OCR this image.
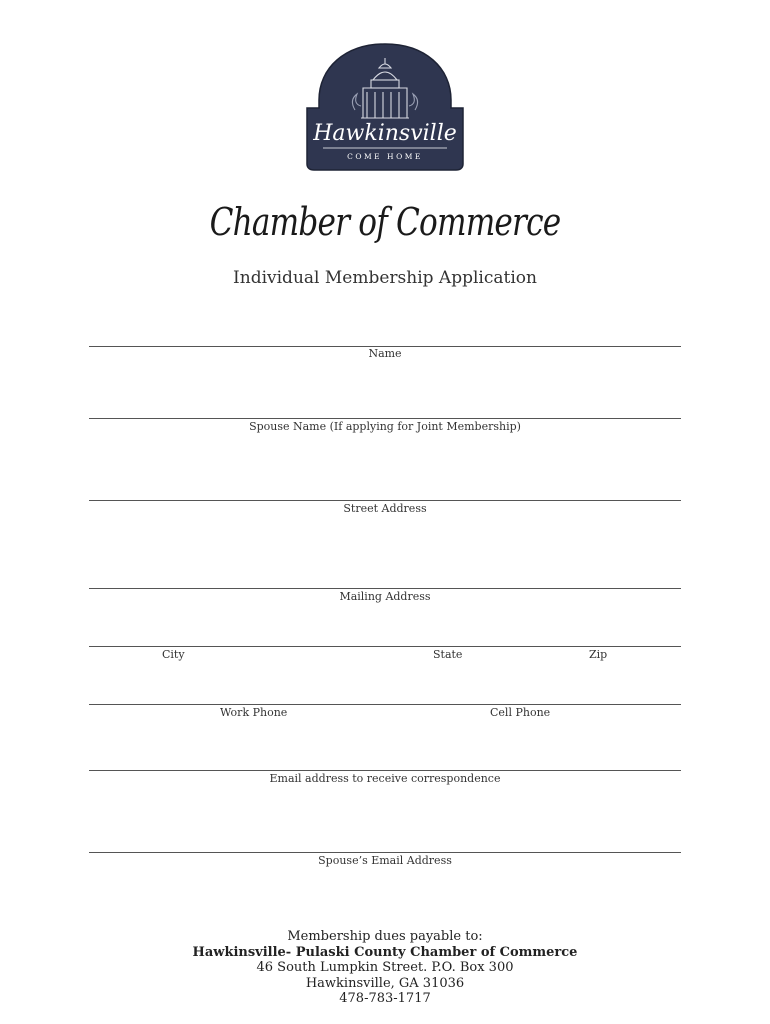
Hawkinsville
COME HOME
Chamber of Commerce
Individual Membership Application
Name
Spouse Name (If applying for Joint Membership)
Street Address
Mailing Address
City	State	Zip
Work Phone	Cell Phone
Email address to receive correspondence
Spouse’s Email Address
Membership dues payable to:
Hawkinsville- Pulaski County Chamber of Commerce
46 South Lumpkin Street. P.O. Box 300
Hawkinsville, GA 31036
478-783-1717
